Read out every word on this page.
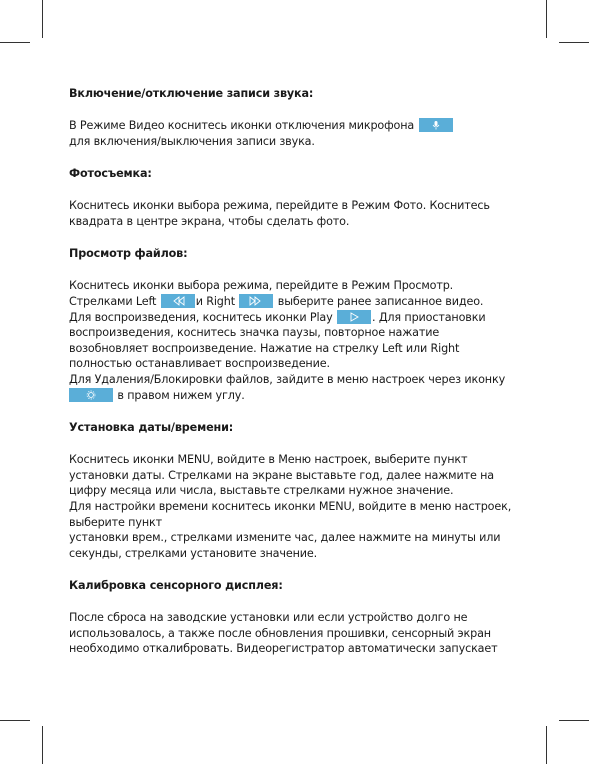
Включение/отключение записи звука:
В Режиме Видео коснитесь иконки отключения микрофона
для включения/выключения записи звука.
Фотосъемка:
Коснитесь иконки выбора режима, перейдите в Режим Фото. Коснитесь
квадрата в центре экрана, чтобы сделать фото.
Просмотр файлов:
Коснитесь иконки выбора режима, перейдите в Режим Просмотр.
Стрелками Left	и Right	выберите ранее записанное видео.
Для воспроизведения, коснитесь иконки Play	. Для приостановки
воспроизведения, коснитесь значка паузы, повторное нажатие
возобновляет воспроизведение. Нажатие на стрелку Left или Right
полностью останавливает воспроизведение.
Для Удаления/Блокировки файлов, зайдите в меню настроек через иконку
в правом нижем углу.
Установка даты/времени:
Коснитесь иконки MENU, войдите в Меню настроек, выберите пункт
установки даты. Стрелками на экране выставьте год, далее нажмите на
цифру месяца или числа, выставьте стрелками нужное значение.
Для настройки времени коснитесь иконки MENU, войдите в меню настроек,
выберите пункт
установки врем., стрелками измените час, далее нажмите на минуты или
секунды, стрелками установите значение.
Калибровка сенсорного дисплея:
После сброса на заводские установки или если устройство долго не
использовалось, а также после обновления прошивки, сенсорный экран
необходимо откалибровать. Видеорегистратор автоматически запускает
